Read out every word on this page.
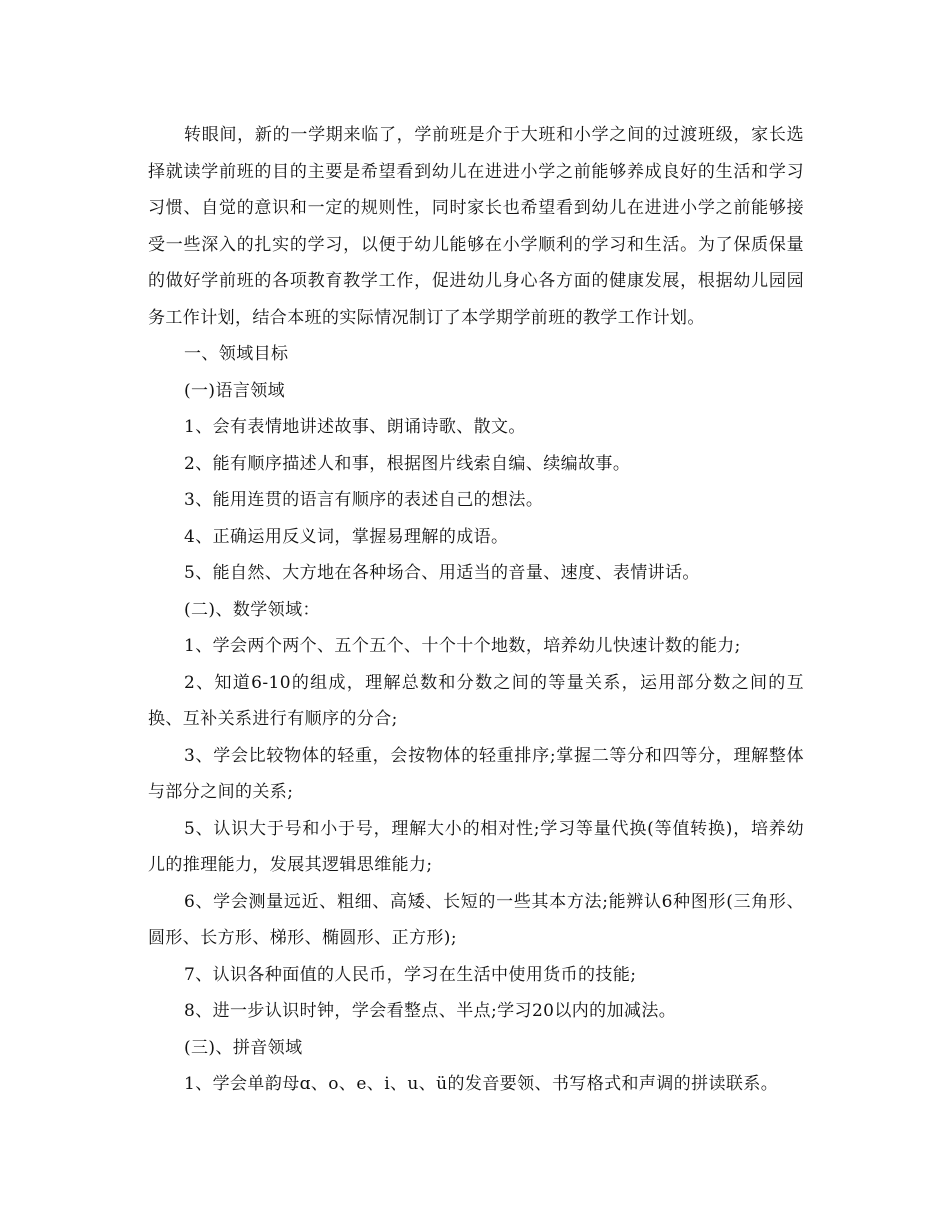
转眼间，新的一学期来临了，学前班是介于大班和小学之间的过渡班级，家长选择就读学前班的目的主要是希望看到幼儿在进进小学之前能够养成良好的生活和学习习惯、自觉的意识和一定的规则性，同时家长也希望看到幼儿在进进小学之前能够接受一些深入的扎实的学习，以便于幼儿能够在小学顺利的学习和生活。为了保质保量的做好学前班的各项教育教学工作，促进幼儿身心各方面的健康发展，根据幼儿园园务工作计划，结合本班的实际情况制订了本学期学前班的教学工作计划。

一、领域目标

(一)语言领域

1、会有表情地讲述故事、朗诵诗歌、散文。

2、能有顺序描述人和事，根据图片线索自编、续编故事。

3、能用连贯的语言有顺序的表述自己的想法。

4、正确运用反义词，掌握易理解的成语。

5、能自然、大方地在各种场合、用适当的音量、速度、表情讲话。

(二)、数学领域：

1、学会两个两个、五个五个、十个十个地数，培养幼儿快速计数的能力;

2、知道6-10的组成，理解总数和分数之间的等量关系，运用部分数之间的互换、互补关系进行有顺序的分合;

3、学会比较物体的轻重，会按物体的轻重排序;掌握二等分和四等分，理解整体与部分之间的关系;

5、认识大于号和小于号，理解大小的相对性;学习等量代换(等值转换)，培养幼儿的推理能力，发展其逻辑思维能力;

6、学会测量远近、粗细、高矮、长短的一些其本方法;能辨认6种图形(三角形、圆形、长方形、梯形、椭圆形、正方形);

7、认识各种面值的人民币，学习在生活中使用货币的技能;

8、进一步认识时钟，学会看整点、半点;学习20以内的加减法。

(三)、拼音领域

1、学会单韵母ɑ、o、e、i、u、ü的发音要领、书写格式和声调的拼读联系。
